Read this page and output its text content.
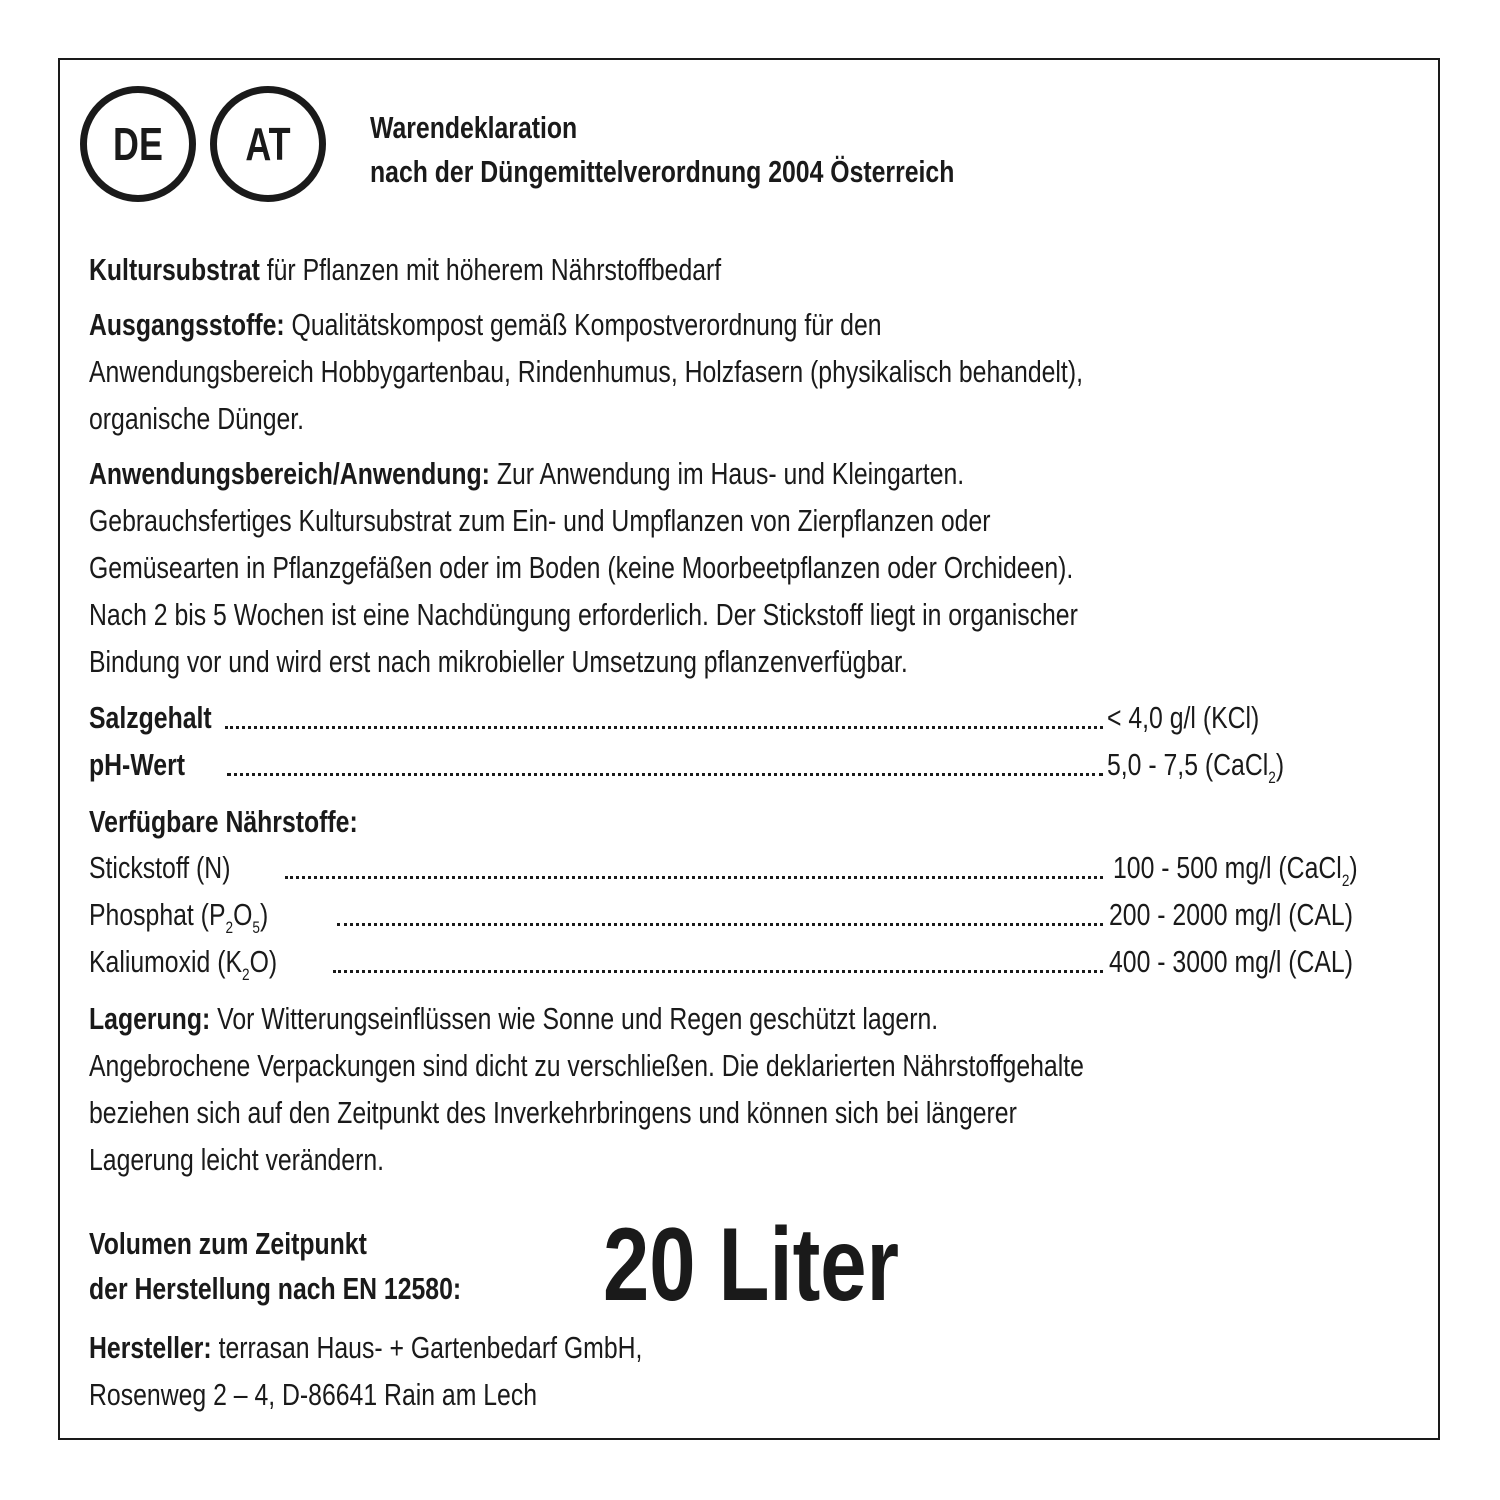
DE AT	Warendeklaration
nach der Düngemittelverordnung 2004 Österreich
Kultursubstrat für Pflanzen mit höherem Nährstoffbedarf
Ausgangsstoffe: Qualitätskompost gemäß Kompostverordnung für den
Anwendungsbereich Hobbygartenbau, Rindenhumus, Holzfasern (physikalisch behandelt),
organische Dünger.
Anwendungsbereich/Anwendung: Zur Anwendung im Haus- und Kleingarten.
Gebrauchsfertiges Kultursubstrat zum Ein- und Umpflanzen von Zierpflanzen oder
Gemüsearten in Pflanzgefäßen oder im Boden (keine Moorbeetpflanzen oder Orchideen).
Nach 2 bis 5 Wochen ist eine Nachdüngung erforderlich. Der Stickstoff liegt in organischer
Bindung vor und wird erst nach mikrobieller Umsetzung pflanzenverfügbar.
Salzgehalt	< 4,0 g/l (KCl)
pH-Wert	5,0 - 7,5 (CaCl$_2$)
Verfügbare Nährstoffe:
Stickstoff (N)	100 - 500 mg/l (CaCl$_2$)
Phosphat $(P_2O_5)$	200 - 2000 mg/l (CAL)
Kaliumoxid $(K_2O)$	400 - 3000 mg/l (CAL)
Lagerung: Vor Witterungseinflüssen wie Sonne und Regen geschützt lagern.
Angebrochene Verpackungen sind dicht zu verschließen. Die deklarierten Nährstoffgehalte
beziehen sich auf den Zeitpunkt des Inverkehrbringens und können sich bei längerer
Lagerung leicht verändern.
Volumen zum Zeitpunkt
der Herstellung nach EN 12580: 20 Liter
Hersteller: terrasan Haus- + Gartenbedarf GmbH,
Rosenweg 2 – 4, D-86641 Rain am Lech
